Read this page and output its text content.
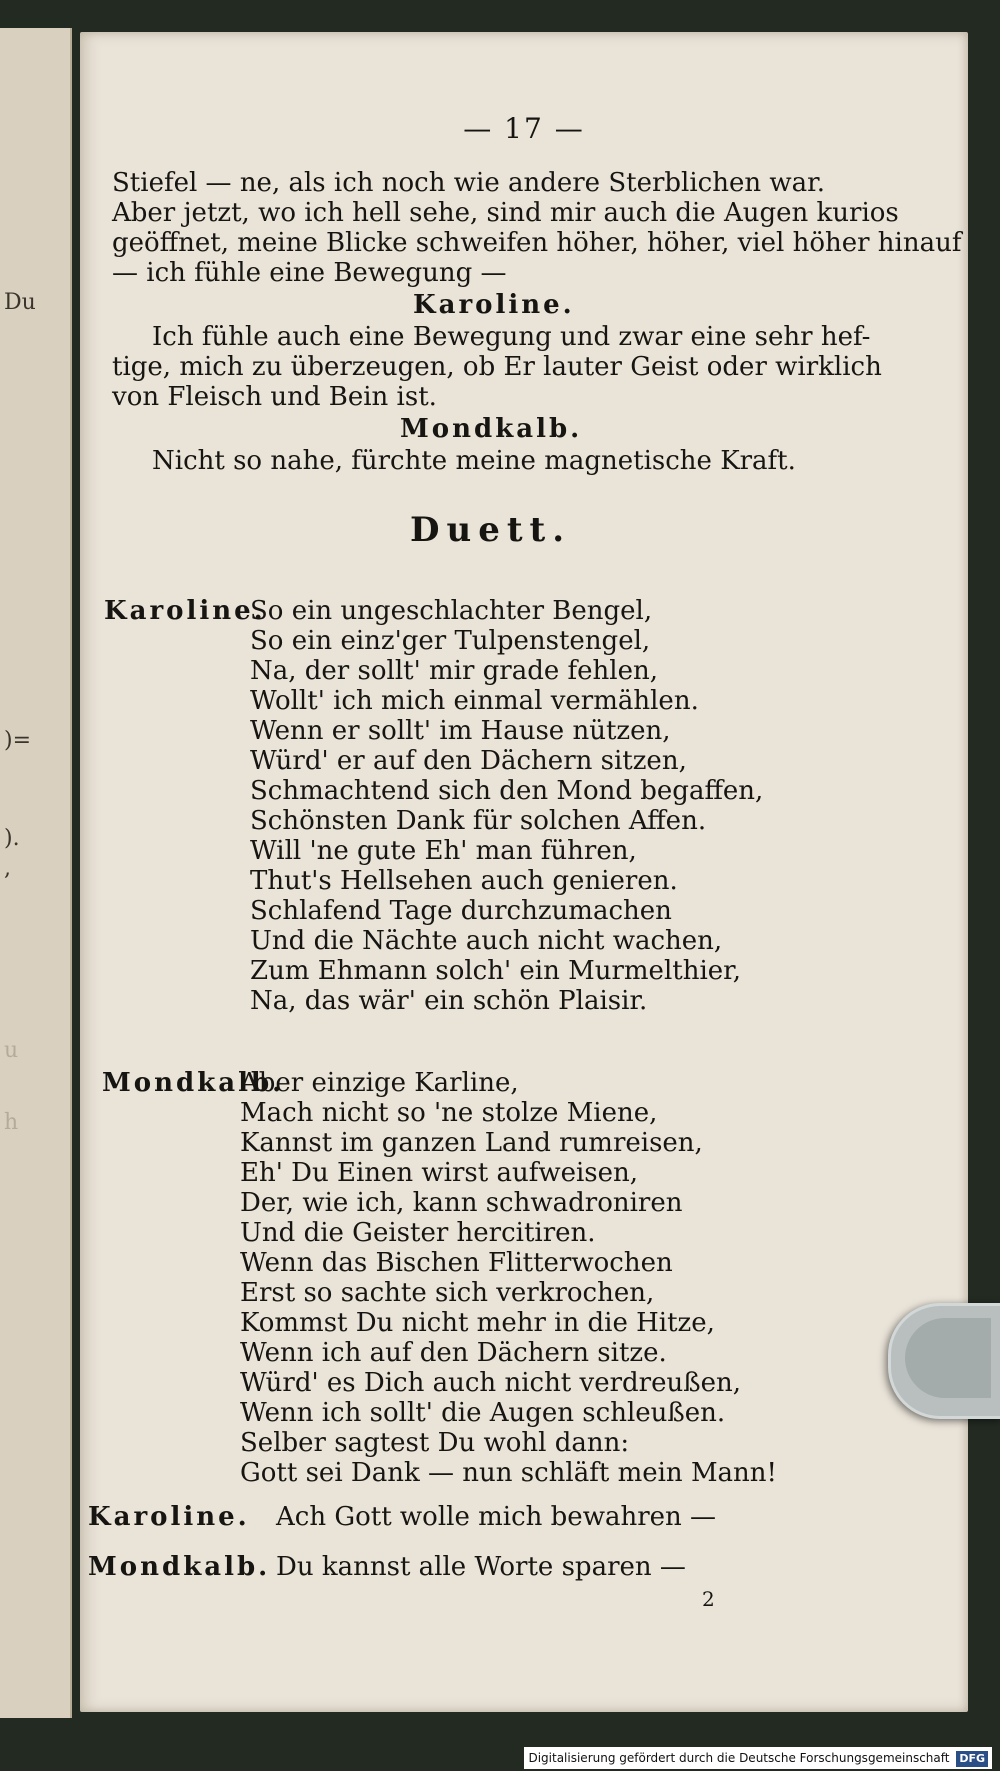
Du
)=
).
,
u
h
— 17 —
Stiefel — ne, als ich noch wie andere Sterblichen war.
Aber jetzt, wo ich hell sehe, sind mir auch die Augen kurios
geöffnet, meine Blicke schweifen höher, höher, viel höher hinauf
— ich fühle eine Bewegung —
Karoline.
Ich fühle auch eine Bewegung und zwar eine sehr hef-
tige, mich zu überzeugen, ob Er lauter Geist oder wirklich
von Fleisch und Bein ist.
Mondkalb.
Nicht so nahe, fürchte meine magnetische Kraft.
Duett.
Karoline.
So ein ungeschlachter Bengel,
So ein einz'ger Tulpenstengel,
Na, der sollt' mir grade fehlen,
Wollt' ich mich einmal vermählen.
Wenn er sollt' im Hause nützen,
Würd' er auf den Dächern sitzen,
Schmachtend sich den Mond begaffen,
Schönsten Dank für solchen Affen.
Will 'ne gute Eh' man führen,
Thut's Hellsehen auch genieren.
Schlafend Tage durchzumachen
Und die Nächte auch nicht wachen,
Zum Ehmann solch' ein Murmelthier,
Na, das wär' ein schön Plaisir.
Mondkalb.
Aber einzige Karline,
Mach nicht so 'ne stolze Miene,
Kannst im ganzen Land rumreisen,
Eh' Du Einen wirst aufweisen,
Der, wie ich, kann schwadroniren
Und die Geister hercitiren.
Wenn das Bischen Flitterwochen
Erst so sachte sich verkrochen,
Kommst Du nicht mehr in die Hitze,
Wenn ich auf den Dächern sitze.
Würd' es Dich auch nicht verdreußen,
Wenn ich sollt' die Augen schleußen.
Selber sagtest Du wohl dann:
Gott sei Dank — nun schläft mein Mann!
Karoline. Ach Gott wolle mich bewahren —
Mondkalb. Du kannst alle Worte sparen —
2
Digitalisierung gefördert durch die Deutsche Forschungsgemeinschaft DFG
